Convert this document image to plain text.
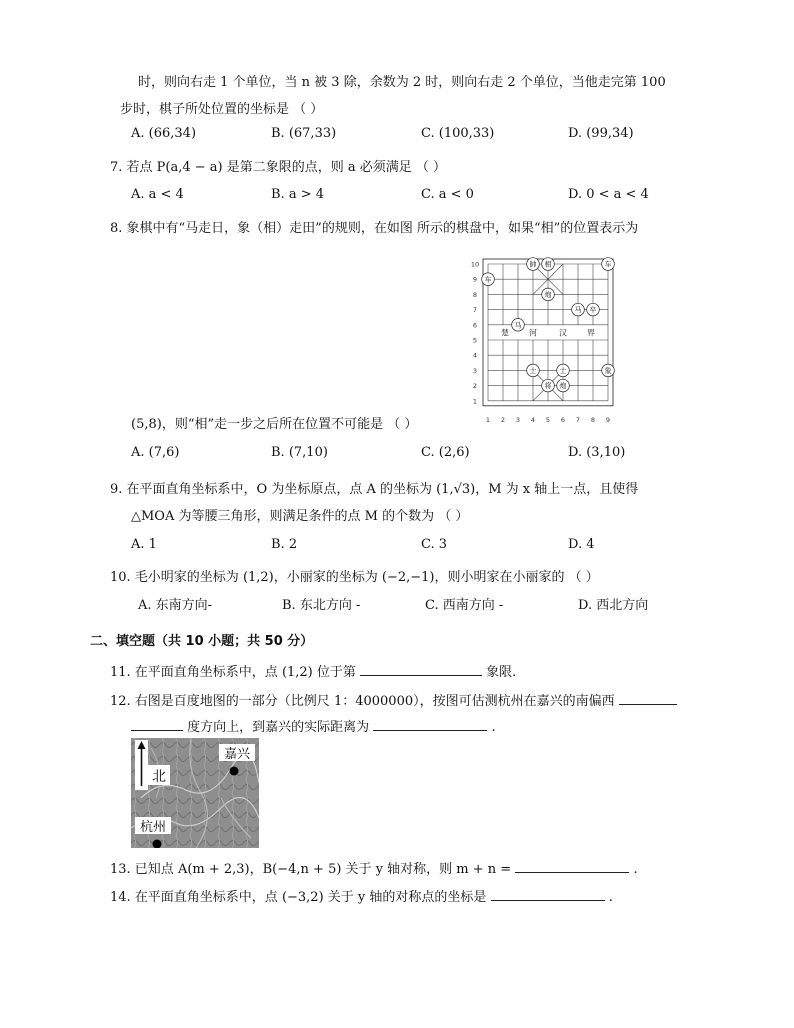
时，则向右走 1 个单位，当 n 被 3 除，余数为 2 时，则向右走 2 个单位，当他走完第 100
步时，棋子所处位置的坐标是 （ ）
A. (66,34)	B. (67,33)	C. (100,33)	D. (99,34)
7. 若点 P(a,4 − a) 是第二象限的点，则 a 必须满足 （ ）
A. a < 4	B. a > 4	C. a < 0	D. 0 < a < 4
8. 象棋中有“马走日，象（相）走田”的规则，在如图 所示的棋盘中，如果“相”的位置表示为
10
9
8
7
6
5
4
3
2
1
1 2 3 4 5 6 7 8 9
楚	河	汉	界
车
帥 相	车
炮
马
马
卒
士	士
将 炮
象
(5,8)，则“相”走一步之后所在位置不可能是 （ ）
A. (7,6)	B. (7,10)	C. (2,6)	D. (3,10)
9. 在平面直角坐标系中，O 为坐标原点，点 A 的坐标为 (1,√3)，M 为 x 轴上一点，且使得
△MOA 为等腰三角形，则满足条件的点 M 的个数为 （ ）
A. 1	B. 2	C. 3	D. 4
10. 毛小明家的坐标为 (1,2)，小丽家的坐标为 (−2,−1)，则小明家在小丽家的 （ ）
A. 东南方向-	B. 东北方向 -	C. 西南方向 -	D. 西北方向
二、填空题（共 10 小题；共 50 分）
11. 在平面直角坐标系中，点 (1,2) 位于第	象限.
12. 右图是百度地图的一部分（比例尺 1：4000000），按图可估测杭州在嘉兴的南偏西
度方向上，到嘉兴的实际距离为	.
北
嘉兴
杭州
13. 已知点 A(m + 2,3)，B(−4,n + 5) 关于 y 轴对称，则 m + n =	.
14. 在平面直角坐标系中，点 (−3,2) 关于 y 轴的对称点的坐标是	.
